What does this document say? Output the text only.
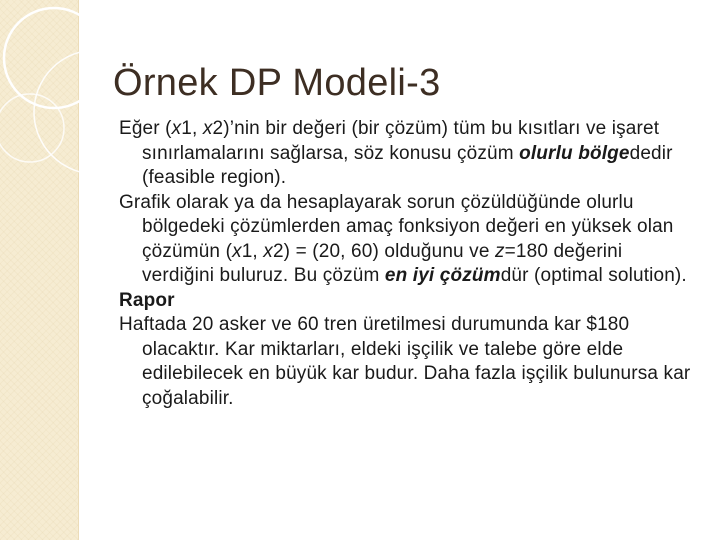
Örnek DP Modeli-3

Eğer (x1, x2)’nin bir değeri (bir çözüm) tüm bu kısıtları ve işaret sınırlamalarını sağlarsa, söz konusu çözüm olurlu bölgededir (feasible region).

Grafik olarak ya da hesaplayarak sorun çözüldüğünde olurlu bölgedeki çözümlerden amaç fonksiyon değeri en yüksek olan çözümün (x1, x2) = (20, 60) olduğunu ve z=180 değerini verdiğini buluruz. Bu çözüm en iyi çözümdür (optimal solution).

Rapor

Haftada 20 asker ve 60 tren üretilmesi durumunda kar $180 olacaktır. Kar miktarları, eldeki işçilik ve talebe göre elde edilebilecek en büyük kar budur. Daha fazla işçilik bulunursa kar çoğalabilir.
